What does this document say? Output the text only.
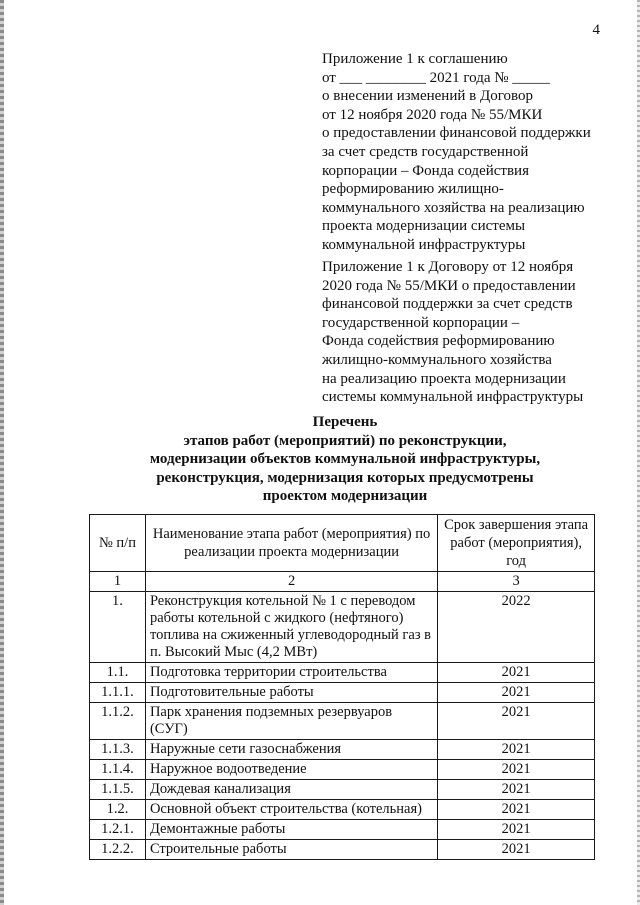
4
Приложение 1 к соглашению
от ___ ________ 2021 года № _____
о внесении изменений в Договор
от 12 ноября 2020 года № 55/МКИ
о предоставлении финансовой поддержки
за счет средств государственной
корпорации – Фонда содействия
реформированию жилищно-
коммунального хозяйства на реализацию
проекта модернизации системы
коммунальной инфраструктуры
Приложение 1 к Договору от 12 ноября
2020 года № 55/МКИ о предоставлении
финансовой поддержки за счет средств
государственной корпорации –
Фонда содействия реформированию
жилищно-коммунального хозяйства
на реализацию проекта модернизации
системы коммунальной инфраструктуры
Перечень
этапов работ (мероприятий) по реконструкции,
модернизации объектов коммунальной инфраструктуры,
реконструкция, модернизация которых предусмотрены
проектом модернизации
№ п/п	Наименование этапа работ (мероприятия) по реализации проекта модернизации	Срок завершения этапа работ (мероприятия), год
1	2	3
1.	Реконструкция котельной № 1 с переводом работы котельной с жидкого (нефтяного) топлива на сжиженный углеводородный газ в п. Высокий Мыс (4,2 МВт)	2022
1.1.	Подготовка территории строительства	2021
1.1.1.	Подготовительные работы	2021
1.1.2.	Парк хранения подземных резервуаров (СУГ)	2021
1.1.3.	Наружные сети газоснабжения	2021
1.1.4.	Наружное водоотведение	2021
1.1.5.	Дождевая канализация	2021
1.2.	Основной объект строительства (котельная)	2021
1.2.1.	Демонтажные работы	2021
1.2.2.	Строительные работы	2021
